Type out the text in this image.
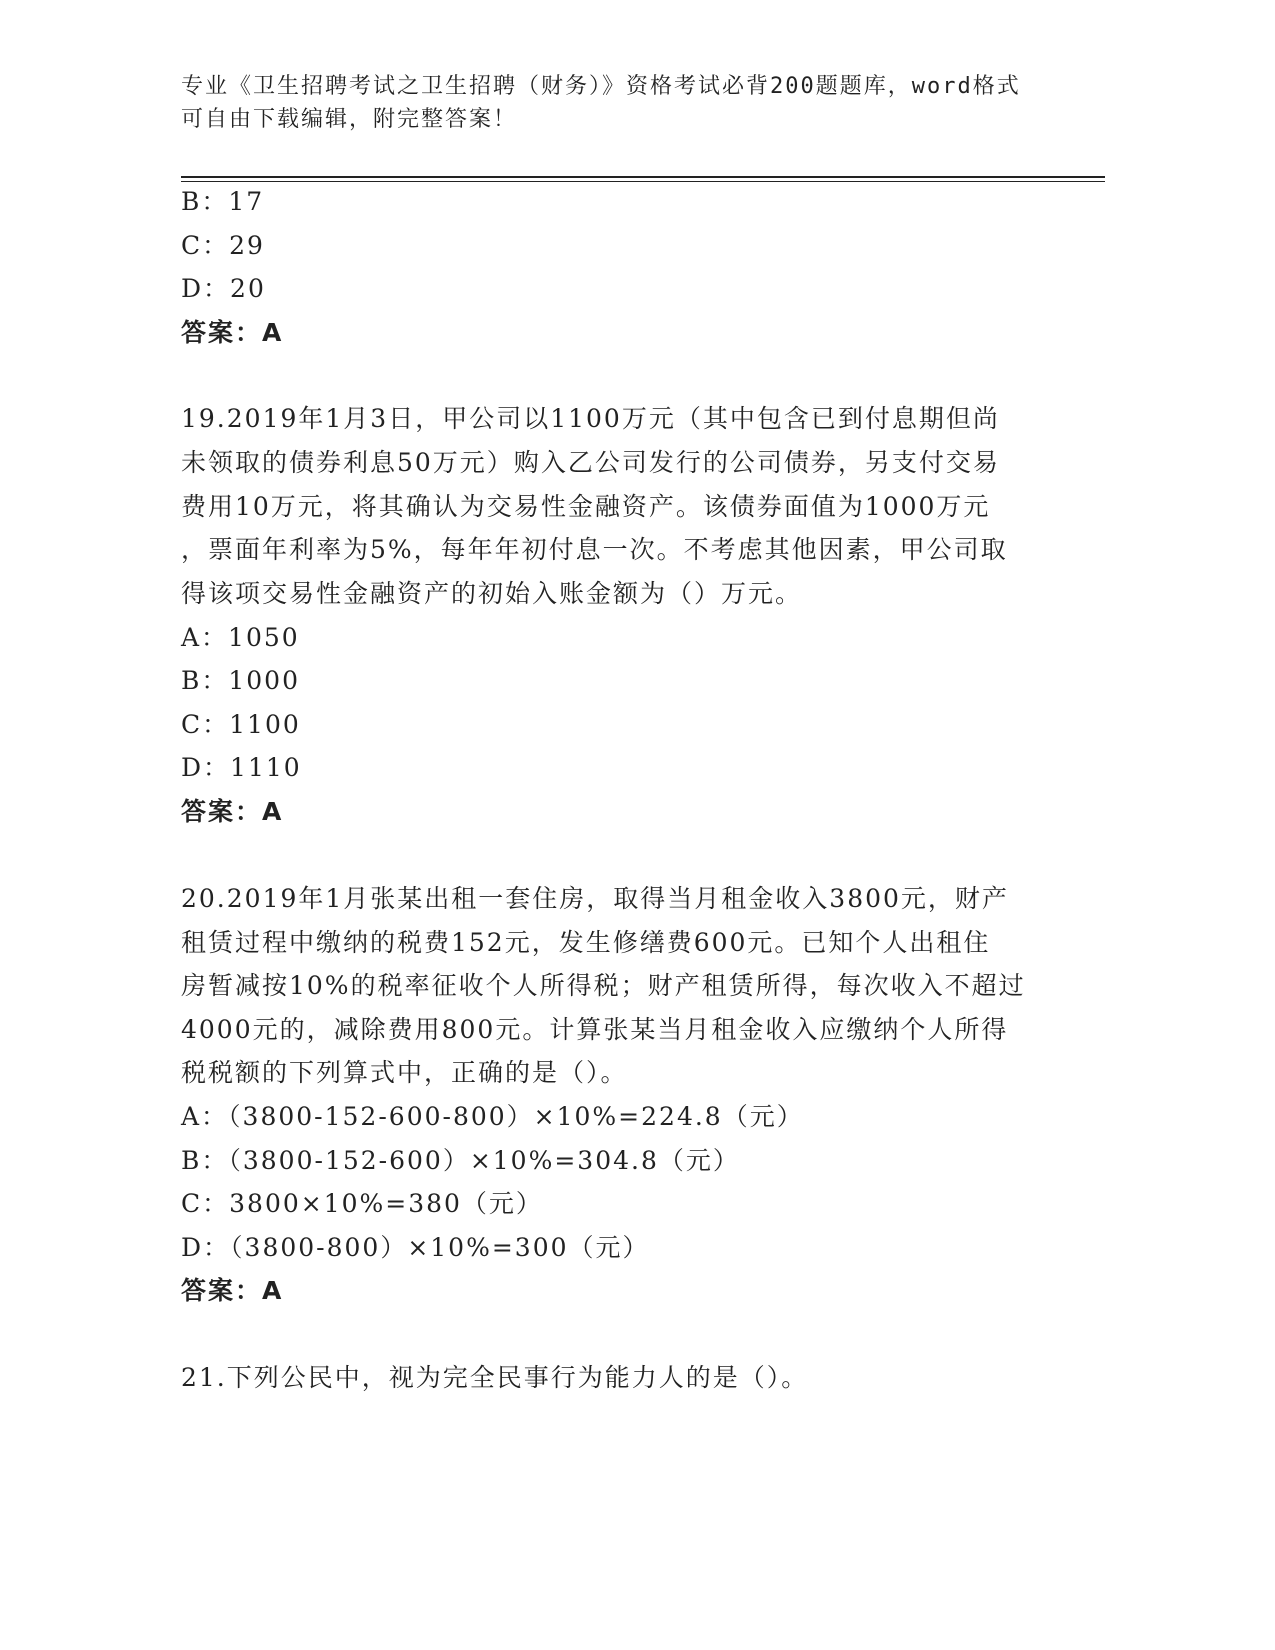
专业《卫生招聘考试之卫生招聘（财务）》资格考试必背200题题库，word格式
可自由下载编辑，附完整答案！
B：17
C：29
D：20
答案：A
19.2019年1月3日，甲公司以1100万元（其中包含已到付息期但尚
未领取的债券利息50万元）购入乙公司发行的公司债券，另支付交易
费用10万元，将其确认为交易性金融资产。该债券面值为1000万元
，票面年利率为5%，每年年初付息一次。不考虑其他因素，甲公司取
得该项交易性金融资产的初始入账金额为（）万元。
A：1050
B：1000
C：1100
D：1110
答案：A
20.2019年1月张某出租一套住房，取得当月租金收入3800元，财产
租赁过程中缴纳的税费152元，发生修缮费600元。已知个人出租住
房暂减按10%的税率征收个人所得税；财产租赁所得，每次收入不超过
4000元的，减除费用800元。计算张某当月租金收入应缴纳个人所得
税税额的下列算式中，正确的是（）。
A：（3800-152-600-800）×10%=224.8（元）
B：（3800-152-600）×10%=304.8（元）
C：3800×10%=380（元）
D：（3800-800）×10%=300（元）
答案：A
21.下列公民中，视为完全民事行为能力人的是（）。
